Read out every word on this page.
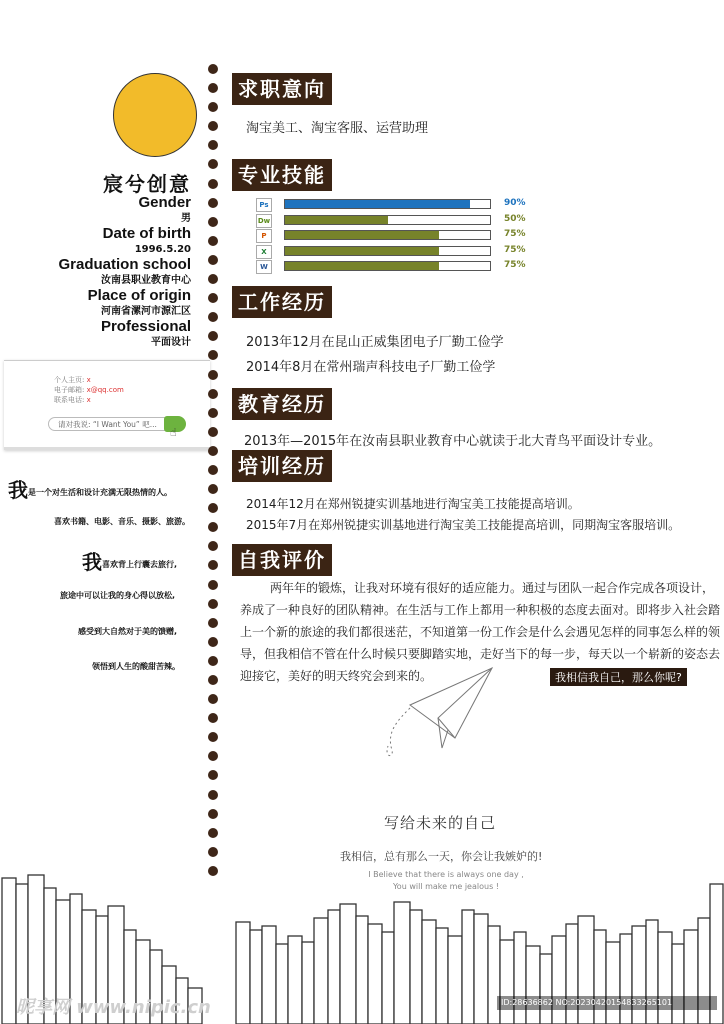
宸兮创意
Gender
男
Date of birth
1996.5.20
Graduation school
汝南县职业教育中心
Place of origin
河南省漯河市源汇区
Professional
平面设计
个人主页: x
电子邮箱: x@qq.com
联系电话: x
请对我说: “I Want You” 吧...
☝
我是一个对生活和设计充满无限热情的人。
喜欢书籍、电影、音乐、摄影、旅游。
我喜欢背上行囊去旅行,
旅途中可以让我的身心得以放松,
感受到大自然对于美的馈赠,
领悟到人生的酸甜苦辣。
求职意向
淘宝美工、淘宝客服、运营助理
专业技能
Ps	90%
Dw	50%
P	75%
X	75%
W	75%
工作经历
2013年12月在昆山正威集团电子厂勤工俭学
2014年8月在常州瑞声科技电子厂勤工俭学
教育经历
2013年—2015年在汝南县职业教育中心就读于北大青鸟平面设计专业。
培训经历
2014年12月在郑州锐捷实训基地进行淘宝美工技能提高培训。
2015年7月在郑州锐捷实训基地进行淘宝美工技能提高培训，同期淘宝客服培训。
自我评价
两年年的锻炼，让我对环境有很好的适应能力。通过与团队一起合作完成各项设计，养成了一种良好的团队精神。在生活与工作上都用一种积极的态度去面对。即将步入社会踏上一个新的旅途的我们都很迷茫，不知道第一份工作会是什么会遇见怎样的同事怎么样的领导，但我相信不管在什么时候只要脚踏实地，走好当下的每一步，每天以一个崭新的姿态去迎接它，美好的明天终究会到来的。	我相信我自己，那么你呢?
写给未来的自己
我相信，总有那么一天，你会让我嫉妒的!
I Believe that there is always one day ,
You will make me jealous !
昵享网 www.nipic.cn	ID:28636862 NO:20230420154833265101
